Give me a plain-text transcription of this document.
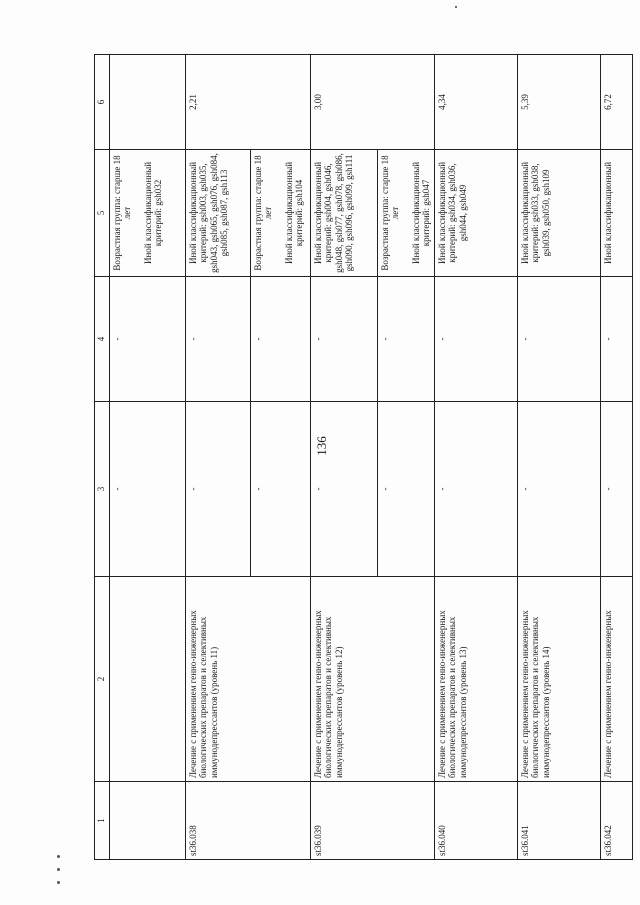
136
1	2	3	4	5	6
		-	-	Возрастная группа: старше 18 лет Иной классификационный критерий: gsh032	

st36.038	Лечение с применением генно-инженерных биологических препаратов и селективных иммунодепрессантов (уровень 11)	-	-	Иной классификационный критерий: gsh003, gsh035, gsh043, gsh065, gsh076, gsh084, gsh085, gsh087, gsh113	2,21
		-	-	Возрастная группа: старше 18 лет Иной классификационный критерий: gsh104	

st36.039	Лечение с применением генно-инженерных биологических препаратов и селективных иммунодепрессантов (уровень 12)	-	-	Иной классификационный критерий: gsh004, gsh046, gsh048, gsh077, gsh078, gsh086, gsh090, gsh096, gsh099, gsh111	3,00
		-	-	Возрастная группа: старше 18 лет Иной классификационный критерий: gsh047	

st36.040	Лечение с применением генно-инженерных биологических препаратов и селективных иммунодепрессантов (уровень 13)	-	-	Иной классификационный критерий: gsh034, gsh036, gsh044, gsh049	4,34
st36.041	Лечение с применением генно-инженерных биологических препаратов и селективных иммунодепрессантов (уровень 14)	-	-	Иной классификационный критерий: gsh033, gsh038, gsh039, gsh050, gsh109	5,39
st36.042	Лечение с применением генно-инженерных	-	-	Иной классификационный	6,72
